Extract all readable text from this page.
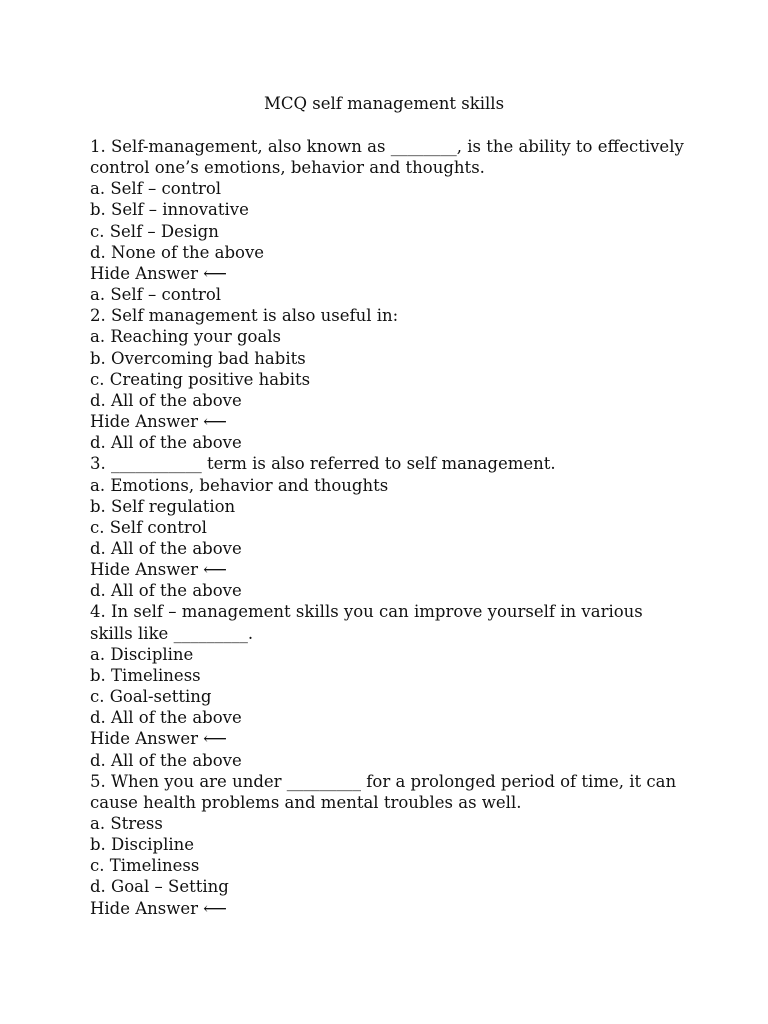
MCQ self management skills
1. Self-management, also known as ________, is the ability to effectively control one’s emotions, behavior and thoughts.
a. Self – control
b. Self – innovative
c. Self – Design
d. None of the above
Hide Answer ⟵
a. Self – control
2. Self management is also useful in:
a. Reaching your goals
b. Overcoming bad habits
c. Creating positive habits
d. All of the above
Hide Answer ⟵
d. All of the above
3. ___________ term is also referred to self management.
a. Emotions, behavior and thoughts
b. Self regulation
c. Self control
d. All of the above
Hide Answer ⟵
d. All of the above
4. In self – management skills you can improve yourself in various skills like _________.
a. Discipline
b. Timeliness
c. Goal-setting
d. All of the above
Hide Answer ⟵
d. All of the above
5. When you are under _________ for a prolonged period of time, it can cause health problems and mental troubles as well.
a. Stress
b. Discipline
c. Timeliness
d. Goal – Setting
Hide Answer ⟵
